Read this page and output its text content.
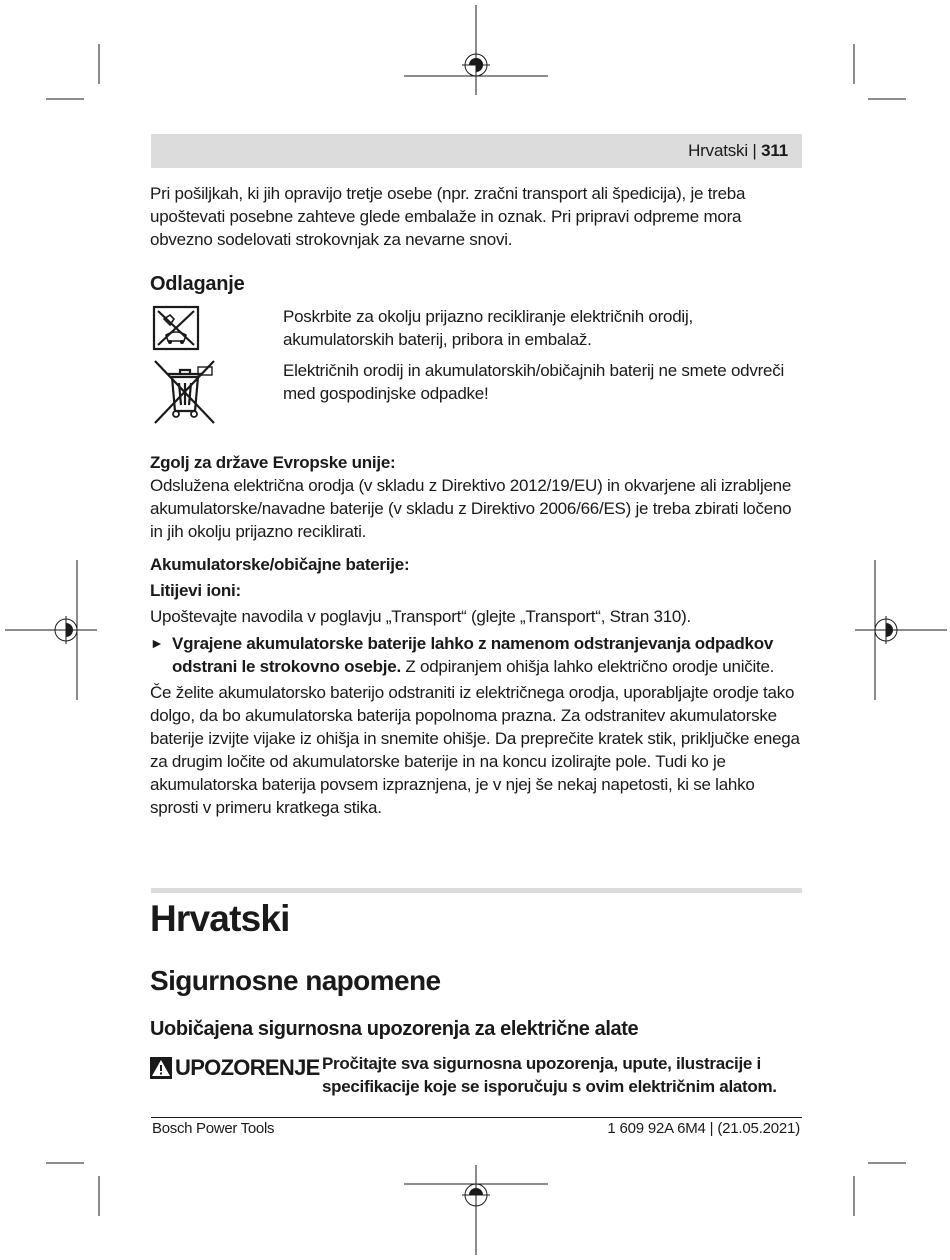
Hrvatski | 311

Pri pošiljkah, ki jih opravijo tretje osebe (npr. zračni transport ali špedicija), je treba upoštevati posebne zahteve glede embalaže in oznak. Pri pripravi odpreme mora obvezno sodelovati strokovnjak za nevarne snovi.

Odlaganje

Poskrbite za okolju prijazno recikliranje električnih orodij, akumulatorskih baterij, pribora in embalaž.

Električnih orodij in akumulatorskih/običajnih baterij ne smete odvreči med gospodinjske odpadke!

Zgolj za države Evropske unije:

Odslužena električna orodja (v skladu z Direktivo 2012/19/EU) in okvarjene ali izrabljene akumulatorske/navadne baterije (v skladu z Direktivo 2006/66/ES) je treba zbirati ločeno in jih okolju prijazno reciklirati.

Akumulatorske/običajne baterije:

Litijevi ioni:

Upoštevajte navodila v poglavju „Transport“ (glejte „Transport“, Stran 310).

► Vgrajene akumulatorske baterije lahko z namenom odstranjevanja odpadkov odstrani le strokovno osebje. Z odpiranjem ohišja lahko električno orodje uničite.

Če želite akumulatorsko baterijo odstraniti iz električnega orodja, uporabljajte orodje tako dolgo, da bo akumulatorska baterija popolnoma prazna. Za odstranitev akumulatorske baterije izvijte vijake iz ohišja in snemite ohišje. Da preprečite kratek stik, priključke enega za drugim ločite od akumulatorske baterije in na koncu izolirajte pole. Tudi ko je akumulatorska baterija povsem izpraznjena, je v njej še nekaj napetosti, ki se lahko sprosti v primeru kratkega stika.

Hrvatski
Sigurnosne napomene
Uobičajena sigurnosna upozorenja za električne alate
UPOZORENJE Pročitajte sva sigurnosna upozorenja, upute, ilustracije i specifikacije koje se isporučuju s ovim električnim alatom.

Bosch Power Tools	1 609 92A 6M4 | (21.05.2021)
